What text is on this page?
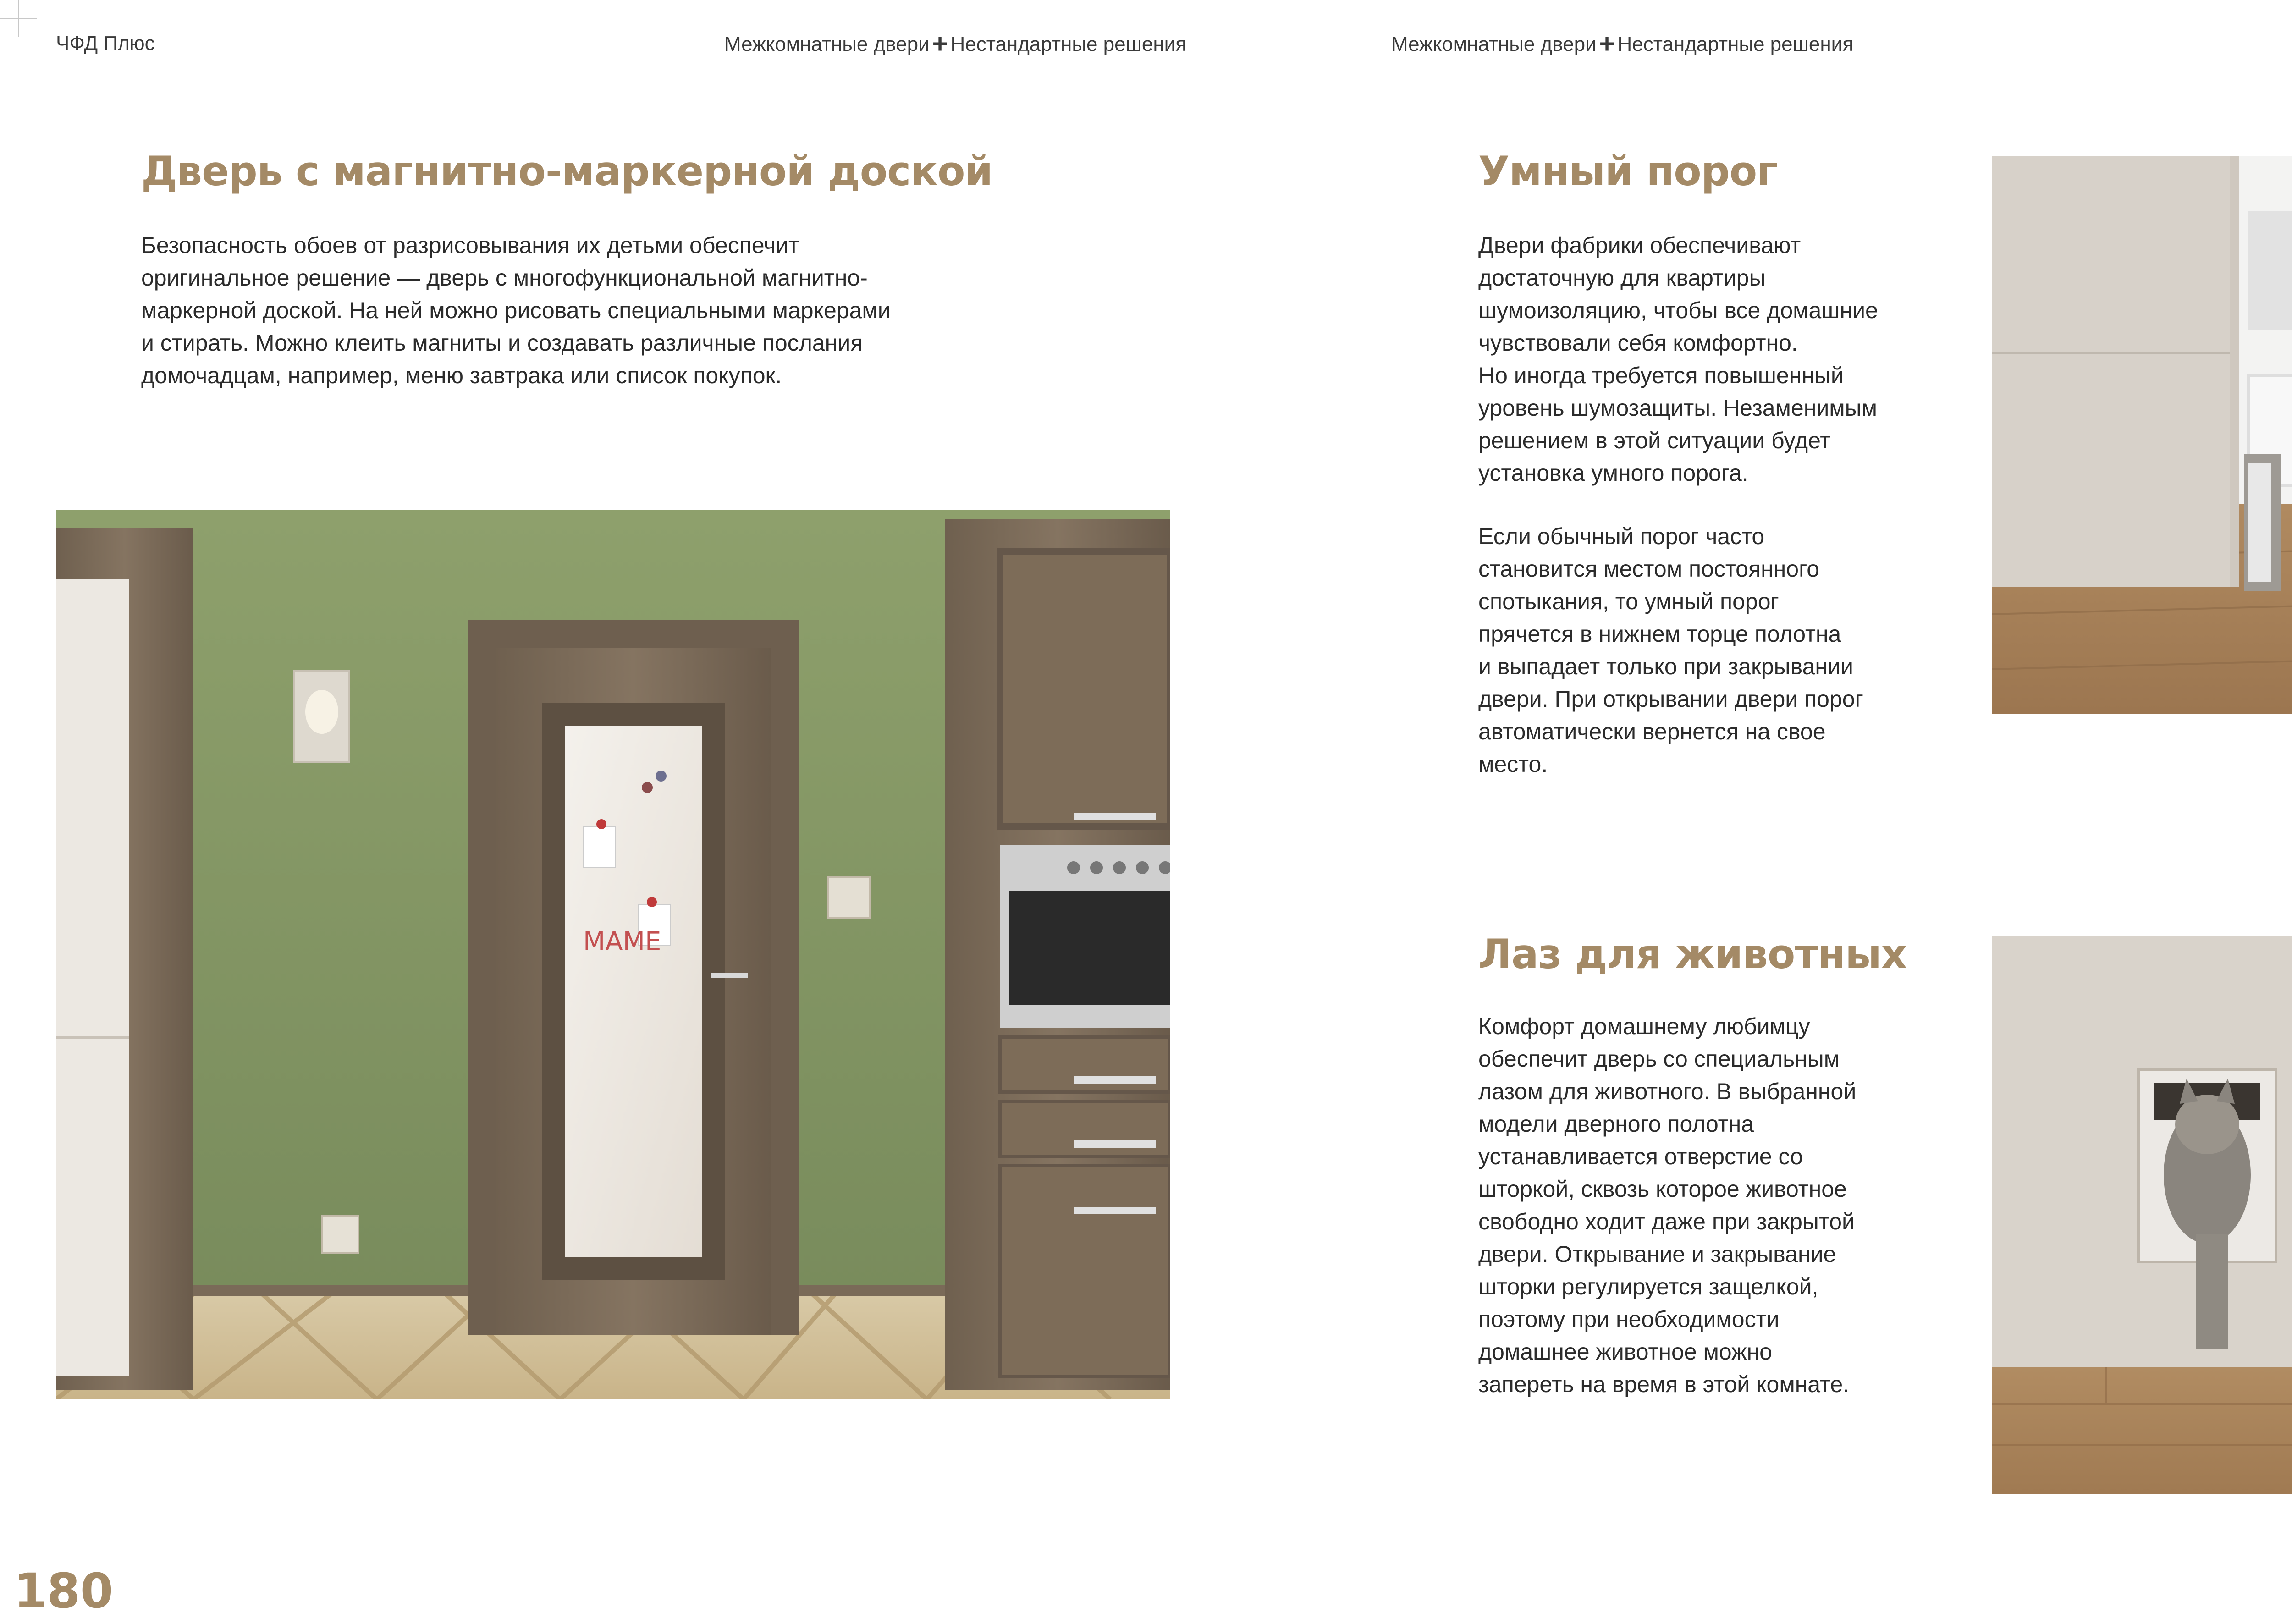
ЧФД Плюс	Межкомнатные двери + Нестандартные решения	Межкомнатные двери + Нестандартные решения
Дверь с магнитно-маркерной доской
Безопасность обоев от разрисовывания их детьми обеспечит
оригинальное решение — дверь с многофункциональной магнитно-
маркерной доской. На ней можно рисовать специальными маркерами
и стирать. Можно клеить магниты и создавать различные послания
домочадцам, например, меню завтрака или список покупок.
МАМЕ
180
Умный порог
Двери фабрики обеспечивают
достаточную для квартиры
шумоизоляцию, чтобы все домашние
чувствовали себя комфортно.
Но иногда требуется повышенный
уровень шумозащиты. Незаменимым
решением в этой ситуации будет
установка умного порога.
Если обычный порог часто
становится местом постоянного
спотыкания, то умный порог
прячется в нижнем торце полотна
и выпадает только при закрывании
двери. При открывании двери порог
автоматически вернется на свое
место.
Лаз для животных
Комфорт домашнему любимцу
обеспечит дверь со специальным
лазом для животного. В выбранной
модели дверного полотна
устанавливается отверстие со
шторкой, сквозь которое животное
свободно ходит даже при закрытой
двери. Открывание и закрывание
шторки регулируется защелкой,
поэтому при необходимости
домашнее животное можно
запереть на время в этой комнате.
